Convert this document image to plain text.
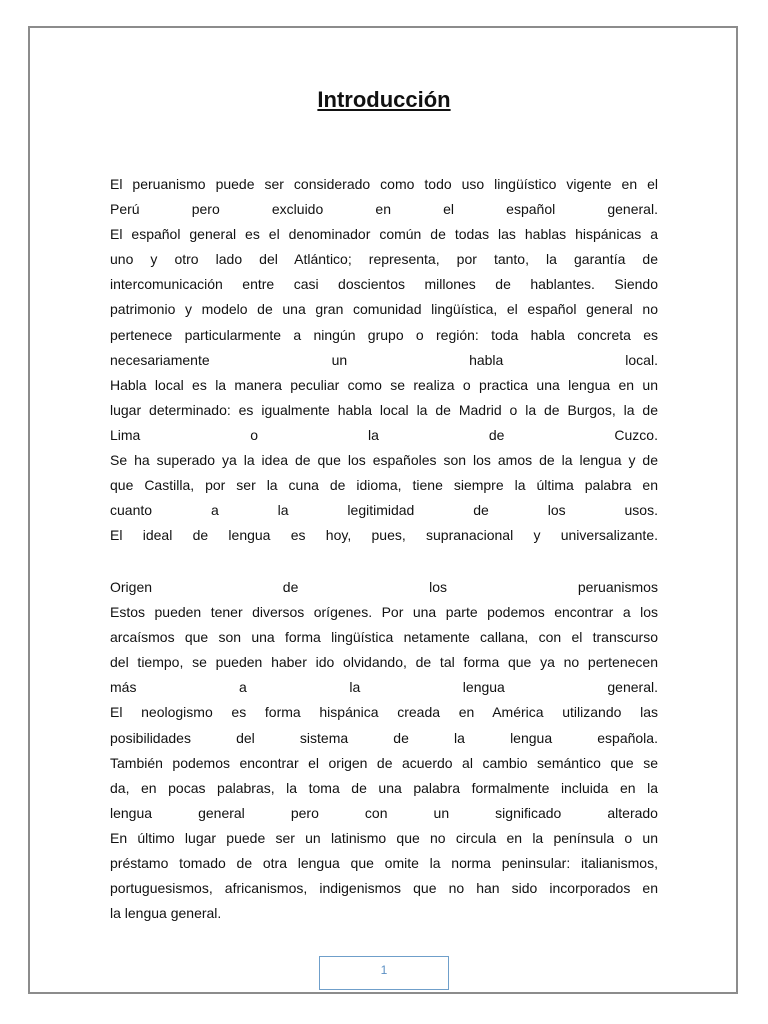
Introducción
El peruanismo puede ser considerado como todo uso lingüístico vigente en el
Perú	pero	excluido	en	el	español	general.
El español general es el denominador común de todas las hablas hispánicas a
uno y otro lado del Atlántico; representa, por tanto, la garantía de
intercomunicación entre casi doscientos millones de hablantes. Siendo
patrimonio y modelo de una gran comunidad lingüística, el español general no
pertenece particularmente a ningún grupo o región: toda habla concreta es
necesariamente	un	habla	local.
Habla local es la manera peculiar como se realiza o practica una lengua en un
lugar determinado: es igualmente habla local la de Madrid o la de Burgos, la de
Lima	o	la	de	Cuzco.
Se ha superado ya la idea de que los españoles son los amos de la lengua y de
que Castilla, por ser la cuna de idioma, tiene siempre la última palabra en
cuanto	a	la	legitimidad	de	los	usos.
El ideal de lengua es hoy, pues, supranacional y universalizante.
Origen	de	los	peruanismos
Estos pueden tener diversos orígenes. Por una parte podemos encontrar a los
arcaísmos que son una forma lingüística netamente callana, con el transcurso
del tiempo, se pueden haber ido olvidando, de tal forma que ya no pertenecen
más	a	la	lengua	general.
El neologismo es forma hispánica creada en América utilizando las
posibilidades	del	sistema	de	la	lengua	española.
También podemos encontrar el origen de acuerdo al cambio semántico que se
da, en pocas palabras, la toma de una palabra formalmente incluida en la
lengua	general	pero	con	un	significado	alterado
En último lugar puede ser un latinismo que no circula en la península o un
préstamo tomado de otra lengua que omite la norma peninsular: italianismos,
portuguesismos, africanismos, indigenismos que no han sido incorporados en
la lengua general.
1
